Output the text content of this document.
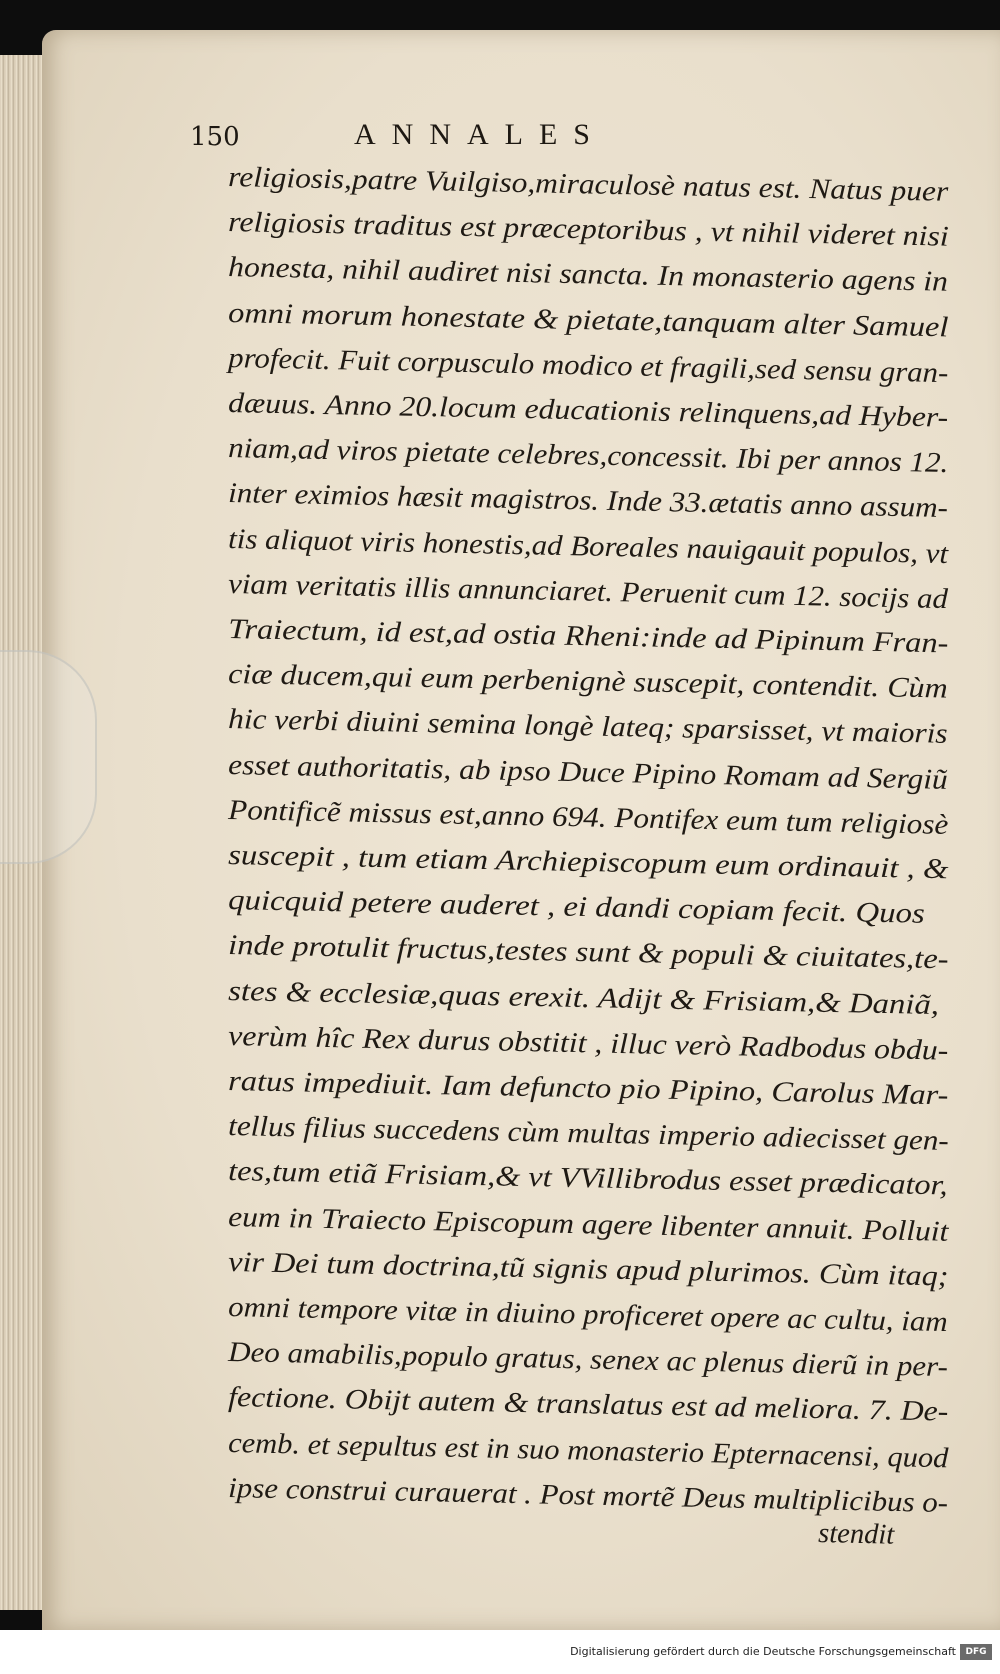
150	ANNALES
religiosis,patre Vuilgiso,miraculosè natus est. Natus puer
religiosis traditus est præceptoribus , vt nihil videret nisi
honesta, nihil audiret nisi sancta. In monasterio agens in
omni morum honestate & pietate,tanquam alter Samuel
profecit. Fuit corpusculo modico et fragili,sed sensu gran-
dæuus. Anno 20.locum educationis relinquens,ad Hyber-
niam,ad viros pietate celebres,concessit. Ibi per annos 12.
inter eximios hæsit magistros. Inde 33.ætatis anno assum-
tis aliquot viris honestis,ad Boreales nauigauit populos, vt
viam veritatis illis annunciaret. Peruenit cum 12. socijs ad
Traiectum, id est,ad ostia Rheni:inde ad Pipinum Fran-
ciæ ducem,qui eum perbenignè suscepit, contendit. Cùm
hic verbi diuini semina longè lateq; sparsisset, vt maioris
esset authoritatis, ab ipso Duce Pipino Romam ad Sergiũ
Pontificẽ missus est,anno 694. Pontifex eum tum religiosè
suscepit , tum etiam Archiepiscopum eum ordinauit , &
quicquid petere auderet , ei dandi copiam fecit. Quos
inde protulit fructus,testes sunt & populi & ciuitates,te-
stes & ecclesiæ,quas erexit. Adijt & Frisiam,& Daniã,
verùm hîc Rex durus obstitit , illuc verò Radbodus obdu-
ratus impediuit. Iam defuncto pio Pipino, Carolus Mar-
tellus filius succedens cùm multas imperio adiecisset gen-
tes,tum etiã Frisiam,& vt VVillibrodus esset prædicator,
eum in Traiecto Episcopum agere libenter annuit. Polluit
vir Dei tum doctrina,tũ signis apud plurimos. Cùm itaq;
omni tempore vitæ in diuino proficeret opere ac cultu, iam
Deo amabilis,populo gratus, senex ac plenus dierũ in per-
fectione. Obijt autem & translatus est ad meliora. 7. De-
cemb. et sepultus est in suo monasterio Epternacensi, quod
ipse construi curauerat . Post mortẽ Deus multiplicibus o-
stendit
Digitalisierung gefördert durch die Deutsche Forschungsgemeinschaft	DFG
